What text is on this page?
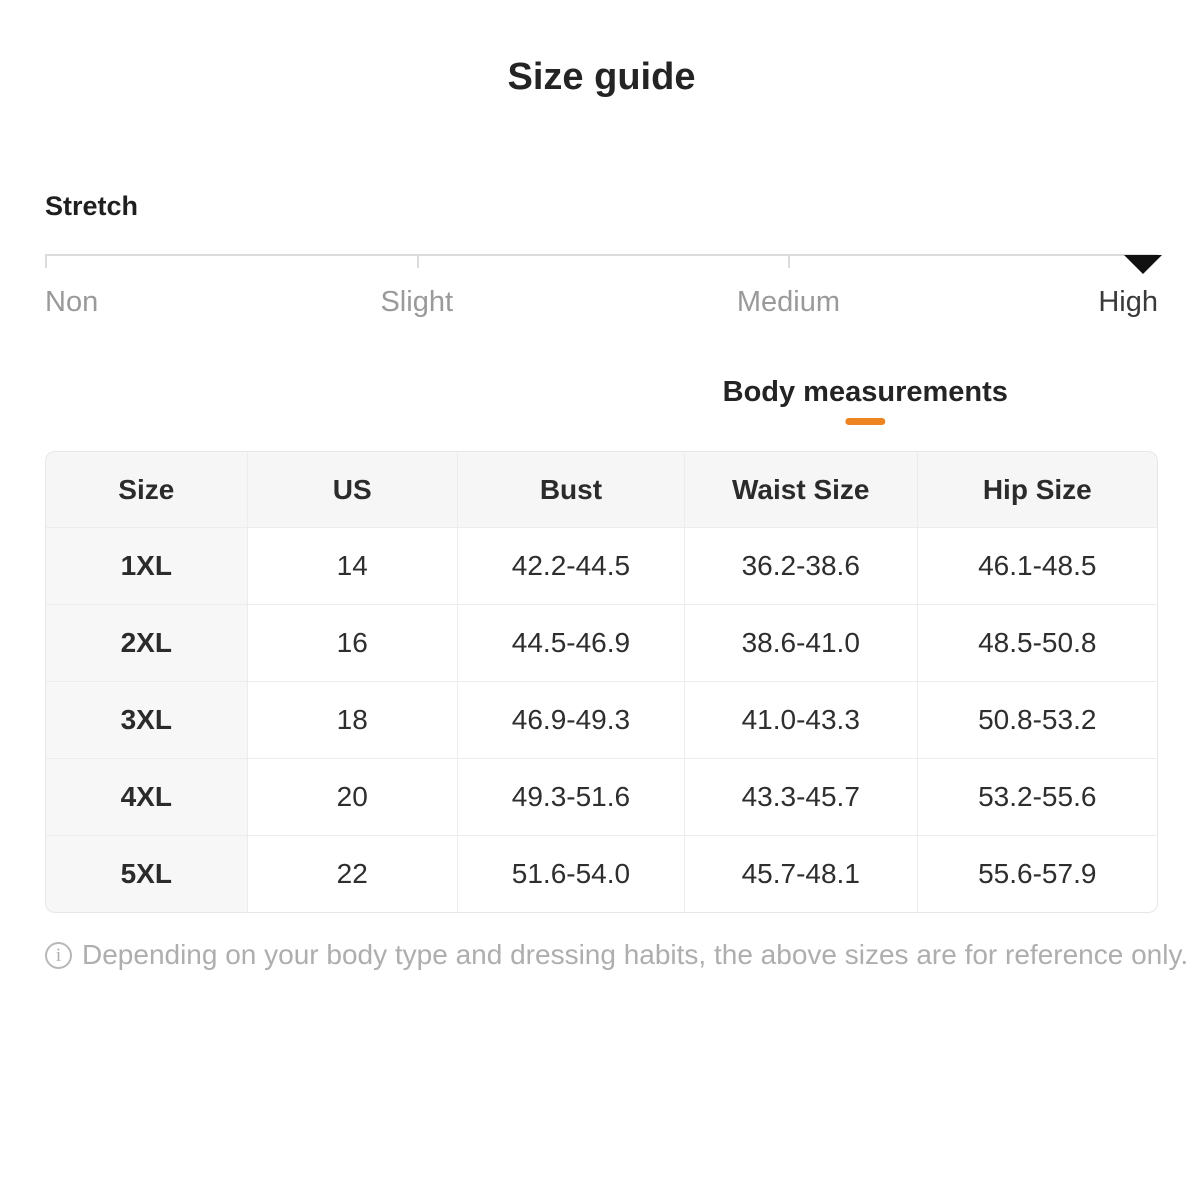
Size guide
Stretch
Non	Slight	Medium	High
Body measurements
Size	US	Bust	Waist Size	Hip Size
1XL	14	42.2-44.5	36.2-38.6	46.1-48.5
2XL	16	44.5-46.9	38.6-41.0	48.5-50.8
3XL	18	46.9-49.3	41.0-43.3	50.8-53.2
4XL	20	49.3-51.6	43.3-45.7	53.2-55.6
5XL	22	51.6-54.0	45.7-48.1	55.6-57.9
i Depending on your body type and dressing habits, the above sizes are for reference only.
